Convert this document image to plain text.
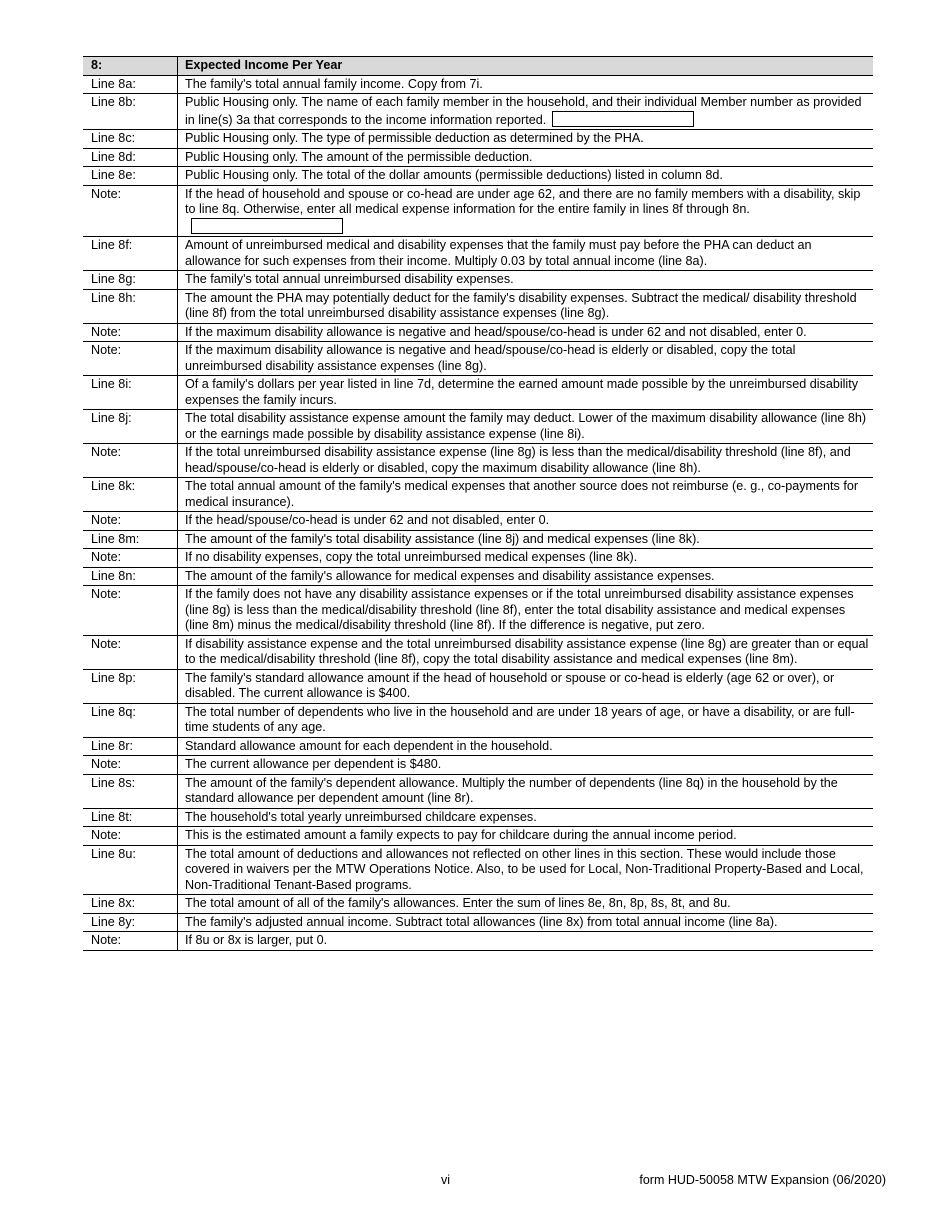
8:	Expected Income Per Year
Line 8a:	The family's total annual family income. Copy from 7i.
Line 8b:	Public Housing only. The name of each family member in the household, and their individual Member number as provided in line(s) 3a that corresponds to the income information reported.
Line 8c:	Public Housing only. The type of permissible deduction as determined by the PHA.
Line 8d:	Public Housing only. The amount of the permissible deduction.
Line 8e:	Public Housing only. The total of the dollar amounts (permissible deductions) listed in column 8d.
Note:	If the head of household and spouse or co-head are under age 62, and there are no family members with a disability, skip to line 8q. Otherwise, enter all medical expense information for the entire family in lines 8f through 8n.
Line 8f:	Amount of unreimbursed medical and disability expenses that the family must pay before the PHA can deduct an allowance for such expenses from their income. Multiply 0.03 by total annual income (line 8a).
Line 8g:	The family's total annual unreimbursed disability expenses.
Line 8h:	The amount the PHA may potentially deduct for the family's disability expenses. Subtract the medical/ disability threshold (line 8f) from the total unreimbursed disability assistance expenses (line 8g).
Note:	If the maximum disability allowance is negative and head/spouse/co-head is under 62 and not disabled, enter 0.
Note:	If the maximum disability allowance is negative and head/spouse/co-head is elderly or disabled, copy the total unreimbursed disability assistance expenses (line 8g).
Line 8i:	Of a family's dollars per year listed in line 7d, determine the earned amount made possible by the unreimbursed disability expenses the family incurs.
Line 8j:	The total disability assistance expense amount the family may deduct. Lower of the maximum disability allowance (line 8h) or the earnings made possible by disability assistance expense (line 8i).
Note:	If the total unreimbursed disability assistance expense (line 8g) is less than the medical/disability threshold (line 8f), and head/spouse/co-head is elderly or disabled, copy the maximum disability allowance (line 8h).
Line 8k:	The total annual amount of the family's medical expenses that another source does not reimburse (e. g., co-payments for medical insurance).
Note:	If the head/spouse/co-head is under 62 and not disabled, enter 0.
Line 8m:	The amount of the family's total disability assistance (line 8j) and medical expenses (line 8k).
Note:	If no disability expenses, copy the total unreimbursed medical expenses (line 8k).
Line 8n:	The amount of the family's allowance for medical expenses and disability assistance expenses.
Note:	If the family does not have any disability assistance expenses or if the total unreimbursed disability assistance expenses (line 8g) is less than the medical/disability threshold (line 8f), enter the total disability assistance and medical expenses (line 8m) minus the medical/disability threshold (line 8f). If the difference is negative, put zero.
Note:	If disability assistance expense and the total unreimbursed disability assistance expense (line 8g) are greater than or equal to the medical/disability threshold (line 8f), copy the total disability assistance and medical expenses (line 8m).
Line 8p:	The family's standard allowance amount if the head of household or spouse or co-head is elderly (age 62 or over), or disabled. The current allowance is $400.
Line 8q:	The total number of dependents who live in the household and are under 18 years of age, or have a disability, or are full-time students of any age.
Line 8r:	Standard allowance amount for each dependent in the household.
Note:	The current allowance per dependent is $480.
Line 8s:	The amount of the family's dependent allowance. Multiply the number of dependents (line 8q) in the household by the standard allowance per dependent amount (line 8r).
Line 8t:	The household's total yearly unreimbursed childcare expenses.
Note:	This is the estimated amount a family expects to pay for childcare during the annual income period.
Line 8u:	The total amount of deductions and allowances not reflected on other lines in this section. These would include those covered in waivers per the MTW Operations Notice. Also, to be used for Local, Non-Traditional Property-Based and Local, Non-Traditional Tenant-Based programs.
Line 8x:	The total amount of all of the family's allowances. Enter the sum of lines 8e, 8n, 8p, 8s, 8t, and 8u.
Line 8y:	The family's adjusted annual income. Subtract total allowances (line 8x) from total annual income (line 8a).
Note:	If 8u or 8x is larger, put 0.
vi	form HUD-50058 MTW Expansion (06/2020)
